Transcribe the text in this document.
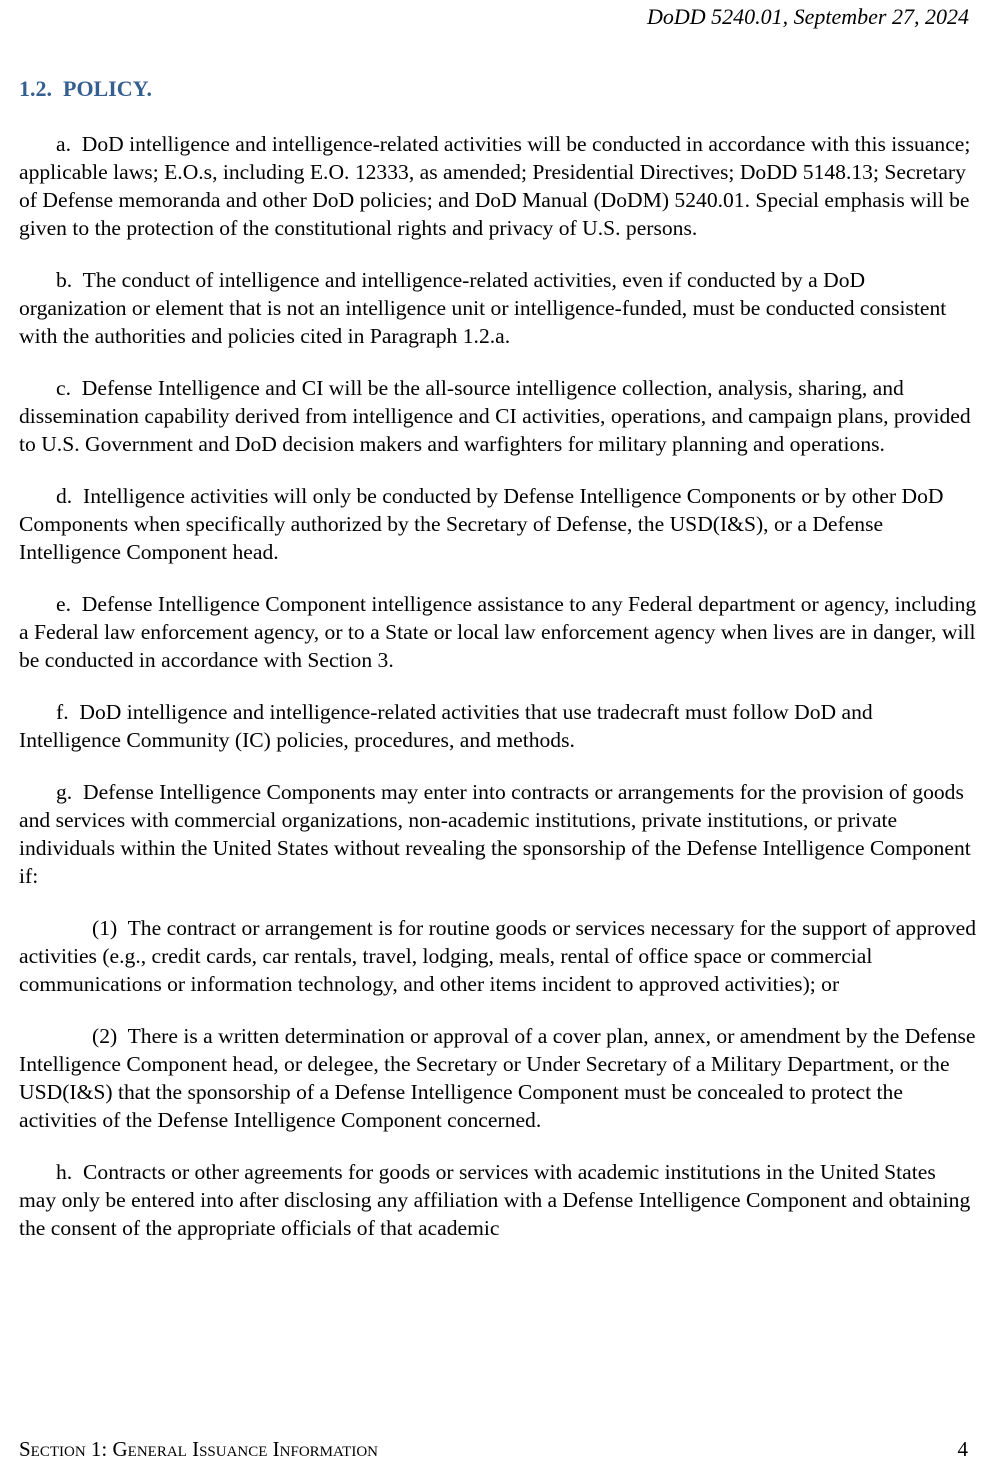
DoDD 5240.01, September 27, 2024
1.2. POLICY.

a. DoD intelligence and intelligence-related activities will be conducted in accordance with this issuance; applicable laws; E.O.s, including E.O. 12333, as amended; Presidential Directives; DoDD 5148.13; Secretary of Defense memoranda and other DoD policies; and DoD Manual (DoDM) 5240.01. Special emphasis will be given to the protection of the constitutional rights and privacy of U.S. persons.

b. The conduct of intelligence and intelligence-related activities, even if conducted by a DoD organization or element that is not an intelligence unit or intelligence-funded, must be conducted consistent with the authorities and policies cited in Paragraph 1.2.a.

c. Defense Intelligence and CI will be the all-source intelligence collection, analysis, sharing, and dissemination capability derived from intelligence and CI activities, operations, and campaign plans, provided to U.S. Government and DoD decision makers and warfighters for military planning and operations.

d. Intelligence activities will only be conducted by Defense Intelligence Components or by other DoD Components when specifically authorized by the Secretary of Defense, the USD(I&S), or a Defense Intelligence Component head.

e. Defense Intelligence Component intelligence assistance to any Federal department or agency, including a Federal law enforcement agency, or to a State or local law enforcement agency when lives are in danger, will be conducted in accordance with Section 3.

f. DoD intelligence and intelligence-related activities that use tradecraft must follow DoD and Intelligence Community (IC) policies, procedures, and methods.

g. Defense Intelligence Components may enter into contracts or arrangements for the provision of goods and services with commercial organizations, non-academic institutions, private institutions, or private individuals within the United States without revealing the sponsorship of the Defense Intelligence Component if:

(1) The contract or arrangement is for routine goods or services necessary for the support of approved activities (e.g., credit cards, car rentals, travel, lodging, meals, rental of office space or commercial communications or information technology, and other items incident to approved activities); or

(2) There is a written determination or approval of a cover plan, annex, or amendment by the Defense Intelligence Component head, or delegee, the Secretary or Under Secretary of a Military Department, or the USD(I&S) that the sponsorship of a Defense Intelligence Component must be concealed to protect the activities of the Defense Intelligence Component concerned.

h. Contracts or other agreements for goods or services with academic institutions in the United States may only be entered into after disclosing any affiliation with a Defense Intelligence Component and obtaining the consent of the appropriate officials of that academic

Section 1: General Issuance Information	4
